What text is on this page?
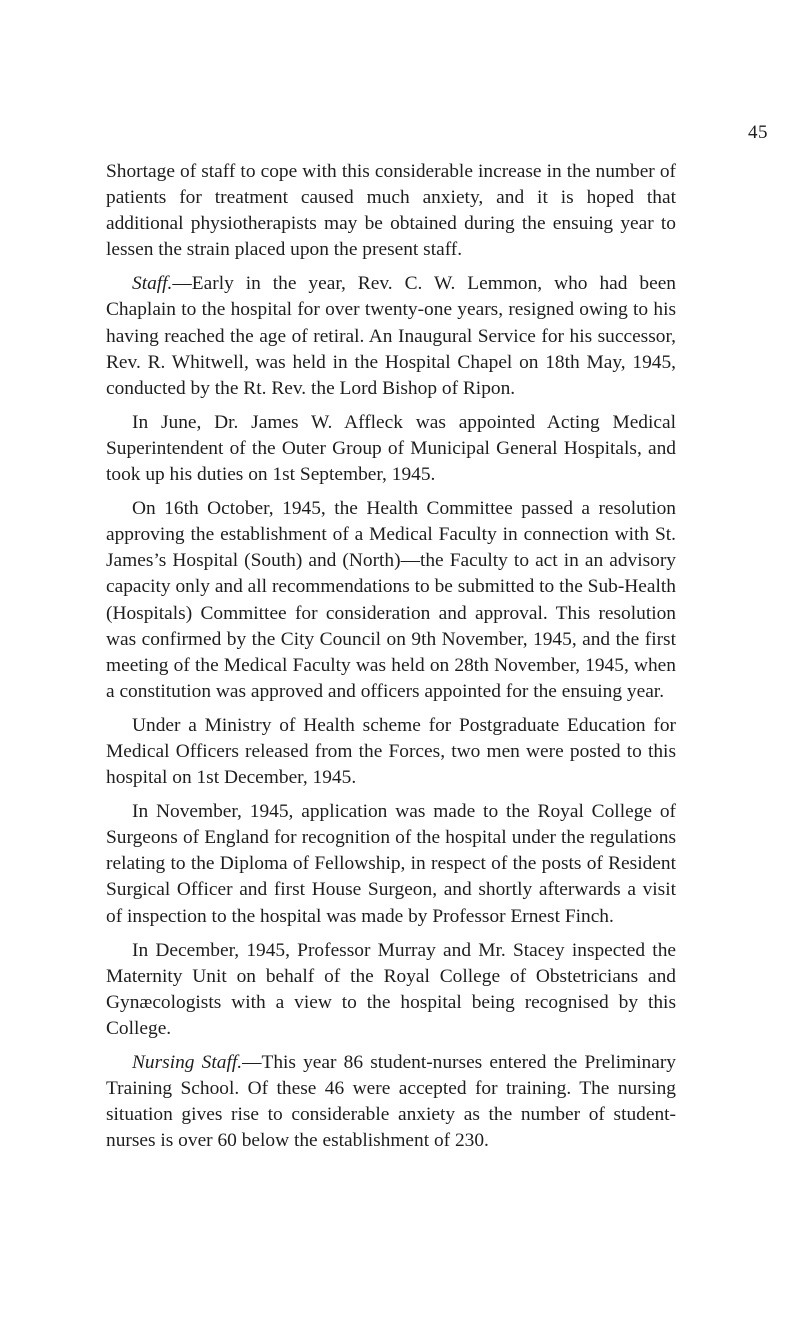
45

Shortage of staff to cope with this considerable increase in the number of patients for treatment caused much anxiety, and it is hoped that additional physiotherapists may be obtained during the ensuing year to lessen the strain placed upon the present staff.

Staff.—Early in the year, Rev. C. W. Lemmon, who had been Chaplain to the hospital for over twenty-one years, resigned owing to his having reached the age of retiral. An Inaugural Service for his successor, Rev. R. Whitwell, was held in the Hospital Chapel on 18th May, 1945, conducted by the Rt. Rev. the Lord Bishop of Ripon.

In June, Dr. James W. Affleck was appointed Acting Medical Superintendent of the Outer Group of Municipal General Hospitals, and took up his duties on 1st September, 1945.

On 16th October, 1945, the Health Committee passed a resolution approving the establishment of a Medical Faculty in connection with St. James’s Hospital (South) and (North)—the Faculty to act in an advisory capacity only and all recommendations to be submitted to the Sub-Health (Hospitals) Committee for consideration and approval. This resolution was confirmed by the City Council on 9th November, 1945, and the first meeting of the Medical Faculty was held on 28th November, 1945, when a constitution was approved and officers appointed for the ensuing year.

Under a Ministry of Health scheme for Postgraduate Education for Medical Officers released from the Forces, two men were posted to this hospital on 1st December, 1945.

In November, 1945, application was made to the Royal College of Surgeons of England for recognition of the hospital under the regulations relating to the Diploma of Fellowship, in respect of the posts of Resident Surgical Officer and first House Surgeon, and shortly afterwards a visit of inspection to the hospital was made by Professor Ernest Finch.

In December, 1945, Professor Murray and Mr. Stacey inspected the Maternity Unit on behalf of the Royal College of Obstetricians and Gynæcologists with a view to the hospital being recognised by this College.

Nursing Staff.—This year 86 student-nurses entered the Preliminary Training School. Of these 46 were accepted for training. The nursing situation gives rise to considerable anxiety as the number of student-nurses is over 60 below the establishment of 230.
